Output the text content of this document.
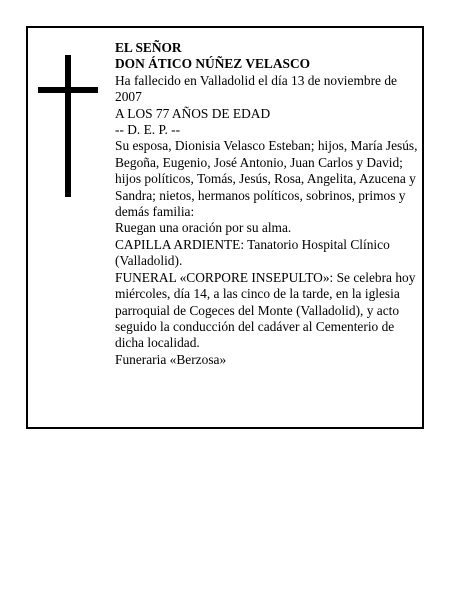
EL SEÑOR
DON ÁTICO NÚÑEZ VELASCO
Ha fallecido en Valladolid el día 13 de noviembre de 2007
A LOS 77 AÑOS DE EDAD
-- D. E. P. --
Su esposa, Dionisia Velasco Esteban; hijos, María Jesús, Begoña, Eugenio, José Antonio, Juan Carlos y David; hijos políticos, Tomás, Jesús, Rosa, Angelita, Azucena y Sandra; nietos, hermanos políticos, sobrinos, primos y demás familia:
Ruegan una oración por su alma.
CAPILLA ARDIENTE: Tanatorio Hospital Clínico (Valladolid).
FUNERAL «CORPORE INSEPULTO»: Se celebra hoy miércoles, día 14, a las cinco de la tarde, en la iglesia parroquial de Cogeces del Monte (Valladolid), y acto seguido la conducción del cadáver al Cementerio de dicha localidad.
Funeraria «Berzosa»
